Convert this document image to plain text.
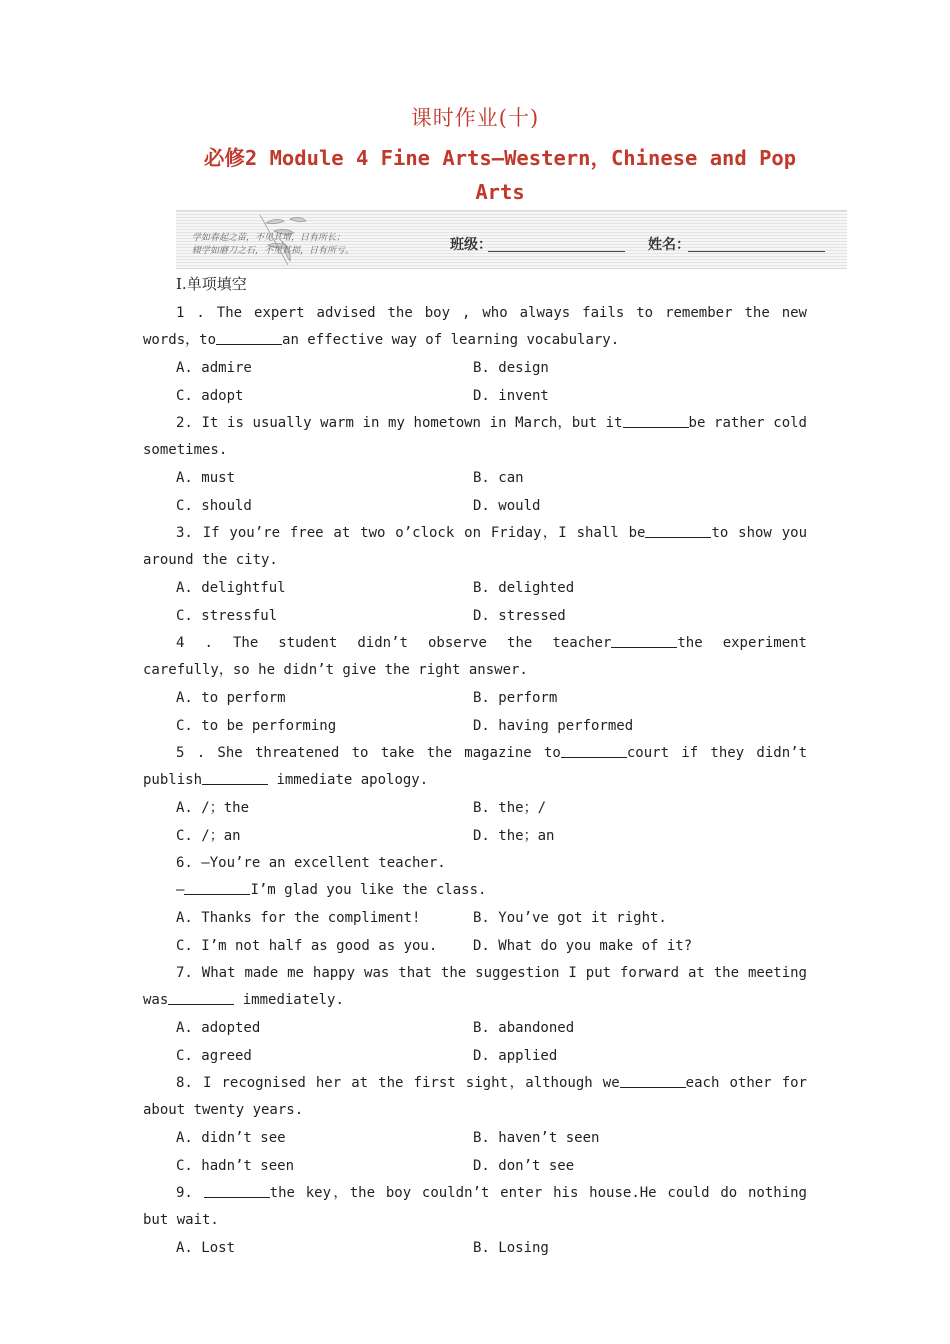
课时作业(十)
必修2 Module 4 Fine Arts—Western，Chinese and Pop
Arts
学如春起之苗，不见其增，日有所长；
辍学如磨刀之石，不见其损，日有所亏。	班级：	姓名：
Ⅰ.单项填空
1 . The expert advised the boy , who always fails to remember the new
words，to	an effective way of learning vocabulary.
A. admire	B. design
C. adopt	D. invent
2. It is usually warm in my hometown in March，but it	be rather cold
sometimes.
A. must	B. can
C. should	D. would
3. If you’re free at two o’clock on Friday，I shall be	to show you
around the city.
A. delightful	B. delighted
C. stressful	D. stressed
4 . The student didn’t observe the teacher	the experiment
carefully，so he didn’t give the right answer.
A. to perform	B. perform
C. to be performing	D. having performed
5 . She threatened to take the magazine to	court if they didn’t
publish	immediate apology.
A. /；the	B. the；/
C. /；an	D. the；an
6. —You’re an excellent teacher.
—	I’m glad you like the class.
A. Thanks for the compliment!	B. You’ve got it right.
C. I’m not half as good as you.	D. What do you make of it?
7. What made me happy was that the suggestion I put forward at the meeting
was	immediately.
A. adopted	B. abandoned
C. agreed	D. applied
8. I recognised her at the first sight，although we	each other for
about twenty years.
A. didn’t see	B. haven’t seen
C. hadn’t seen	D. don’t see
9.	the key，the boy couldn’t enter his house.He could do nothing
but wait.
A. Lost	B. Losing
